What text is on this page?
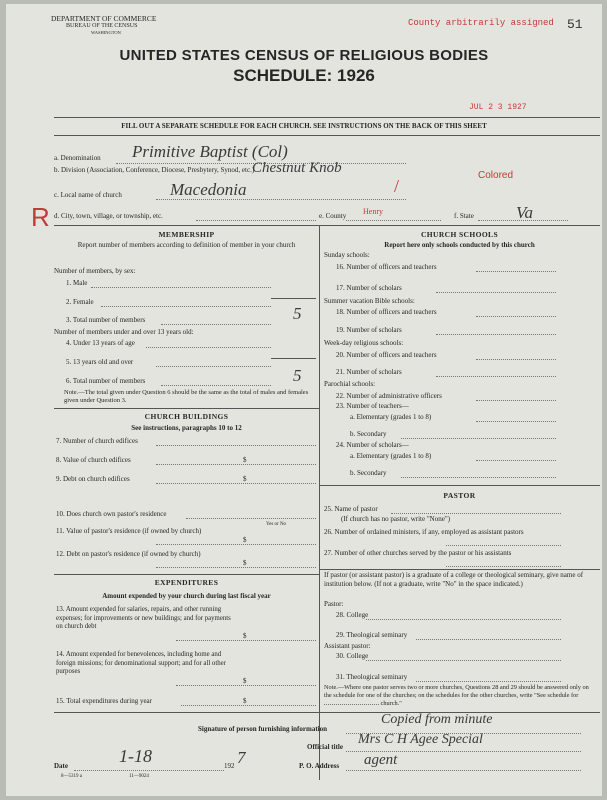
DEPARTMENT OF COMMERCE
BUREAU OF THE CENSUS
WASHINGTON
County arbitrarily assigned 51
UNITED STATES CENSUS OF RELIGIOUS BODIES
SCHEDULE: 1926
JUL 2 3 1927
FILL OUT A SEPARATE SCHEDULE FOR EACH CHURCH. SEE INSTRUCTIONS ON THE BACK OF THIS SHEET
a. Denomination Primitive Baptist (Col)
b. Division (Association, Conference, Diocese, Presbytery, Synod, etc.)
Chestnut Knob	Colored
c. Local name of church	Macedonia	/
R d. City, town, village, or township, etc.	e. County Henry	f. State Va
MEMBERSHIP
Report number of members according to definition of member in your church
Number of members, by sex:
1. Male
2. Female
3. Total number of members	5
Number of members under and over 13 years old:
4. Under 13 years of age
5. 13 years old and over
6. Total number of members	5
Note.—The total given under Question 6 should be the same as the total of males and females given under Question 3.
CHURCH BUILDINGS
See instructions, paragraphs 10 to 12
7. Number of church edifices
8. Value of church edifices	$
9. Debt on church edifices	$
10. Does church own pastor's residence
Yes or No
11. Value of pastor's residence (if owned by church)
$
12. Debt on pastor's residence (if owned by church)
$
EXPENDITURES
Amount expended by your church during last fiscal year
13. Amount expended for salaries, repairs, and other running expenses; for improvements or new buildings; and for payments on church debt
$
14. Amount expended for benevolences, including home and foreign missions; for denominational support; and for all other purposes
$
15. Total expenditures during year	$
CHURCH SCHOOLS
Report here only schools conducted by this church
Sunday schools:
16. Number of officers and teachers
17. Number of scholars
Summer vacation Bible schools:
18. Number of officers and teachers
19. Number of scholars
Week-day religious schools:
20. Number of officers and teachers
21. Number of scholars
Parochial schools:
22. Number of administrative officers
23. Number of teachers—
a. Elementary (grades 1 to 8)
b. Secondary
24. Number of scholars—
a. Elementary (grades 1 to 8)
b. Secondary
PASTOR
25. Name of pastor
(If church has no pastor, write "None")
26. Number of ordained ministers, if any, employed as assistant pastors
27. Number of other churches served by the pastor or his assistants
If pastor (or assistant pastor) is a graduate of a college or theological seminary, give name of institution below. (If not a graduate, write "No" in the space indicated.)
Pastor:
28. College
29. Theological seminary
Assistant pastor:
30. College
31. Theological seminary
Note.—Where one pastor serves two or more churches, Questions 28 and 29 should be answered only on the schedule for one of the churches; on the schedules for the other churches, write "See schedule for church."
Signature of person furnishing information
Copied from minute
Official title Mrs C H Agee Special
Date	1-18	192 7	P. O. Address agent
8—5319 a	11—9024
